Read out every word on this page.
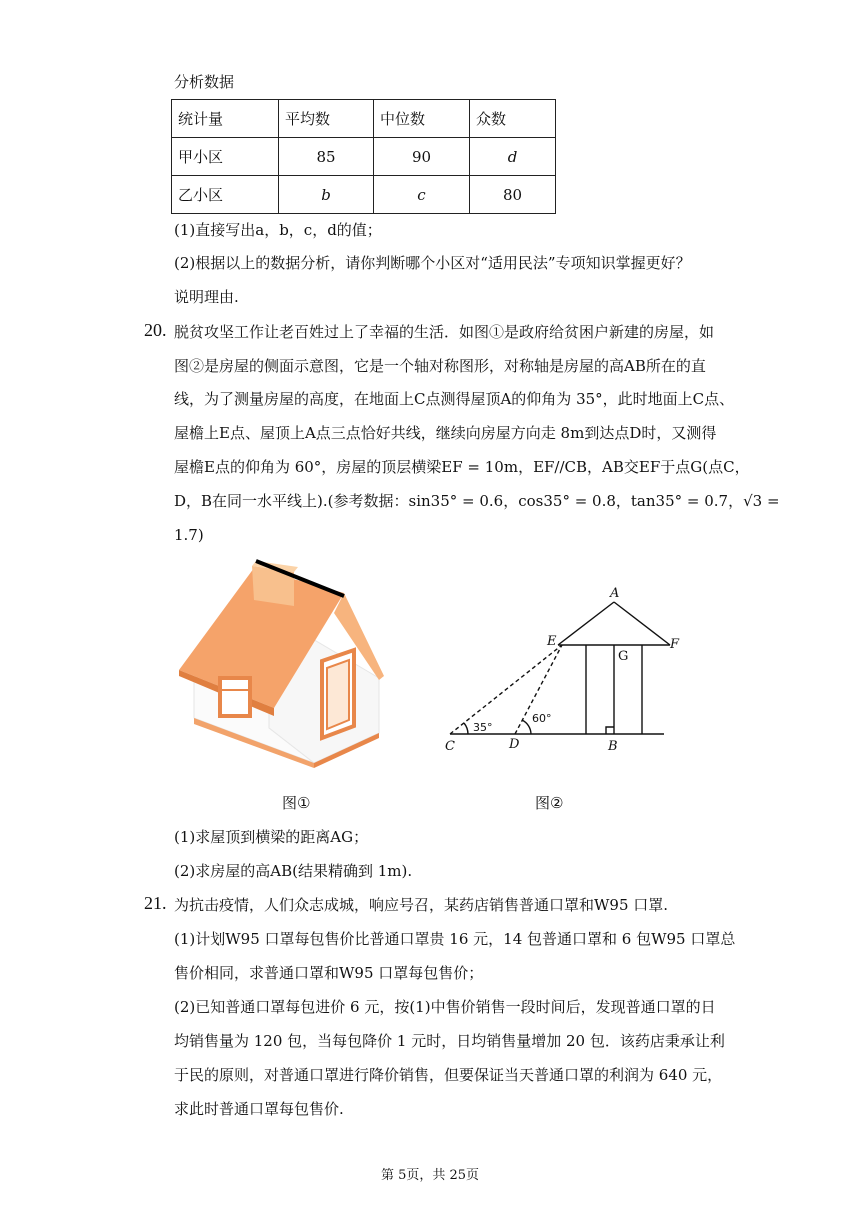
分析数据
统计量	平均数	中位数	众数
甲小区	85	90	d
乙小区	b	c	80
(1)直接写出a，b，c，d的值；
(2)根据以上的数据分析，请你判断哪个小区对“适用民法”专项知识掌握更好？
说明理由.
20. 脱贫攻坚工作让老百姓过上了幸福的生活．如图①是政府给贫困户新建的房屋，如
图②是房屋的侧面示意图，它是一个轴对称图形，对称轴是房屋的高AB所在的直
线，为了测量房屋的高度，在地面上C点测得屋顶A的仰角为 35°，此时地面上C点、
屋檐上E点、屋顶上A点三点恰好共线，继续向房屋方向走 8m到达点D时，又测得
屋檐E点的仰角为 60°，房屋的顶层横梁EF = 10m，EF//CB，AB交EF于点G(点C，
D，B在同一水平线上).(参考数据：sin35° = 0.6，cos35° = 0.8，tan35° = 0.7，√3 =
1.7)
A
E	F
G
C	D	B
35°
60°
图①	图②
(1)求屋顶到横梁的距离AG；
(2)求房屋的高AB(结果精确到 1m).
21. 为抗击疫情，人们众志成城，响应号召，某药店销售普通口罩和W95 口罩.
(1)计划W95 口罩每包售价比普通口罩贵 16 元，14 包普通口罩和 6 包W95 口罩总
售价相同，求普通口罩和W95 口罩每包售价；
(2)已知普通口罩每包进价 6 元，按(1)中售价销售一段时间后，发现普通口罩的日
均销售量为 120 包，当每包降价 1 元时，日均销售量增加 20 包．该药店秉承让利
于民的原则，对普通口罩进行降价销售，但要保证当天普通口罩的利润为 640 元，
求此时普通口罩每包售价.
第 5页，共 25页
